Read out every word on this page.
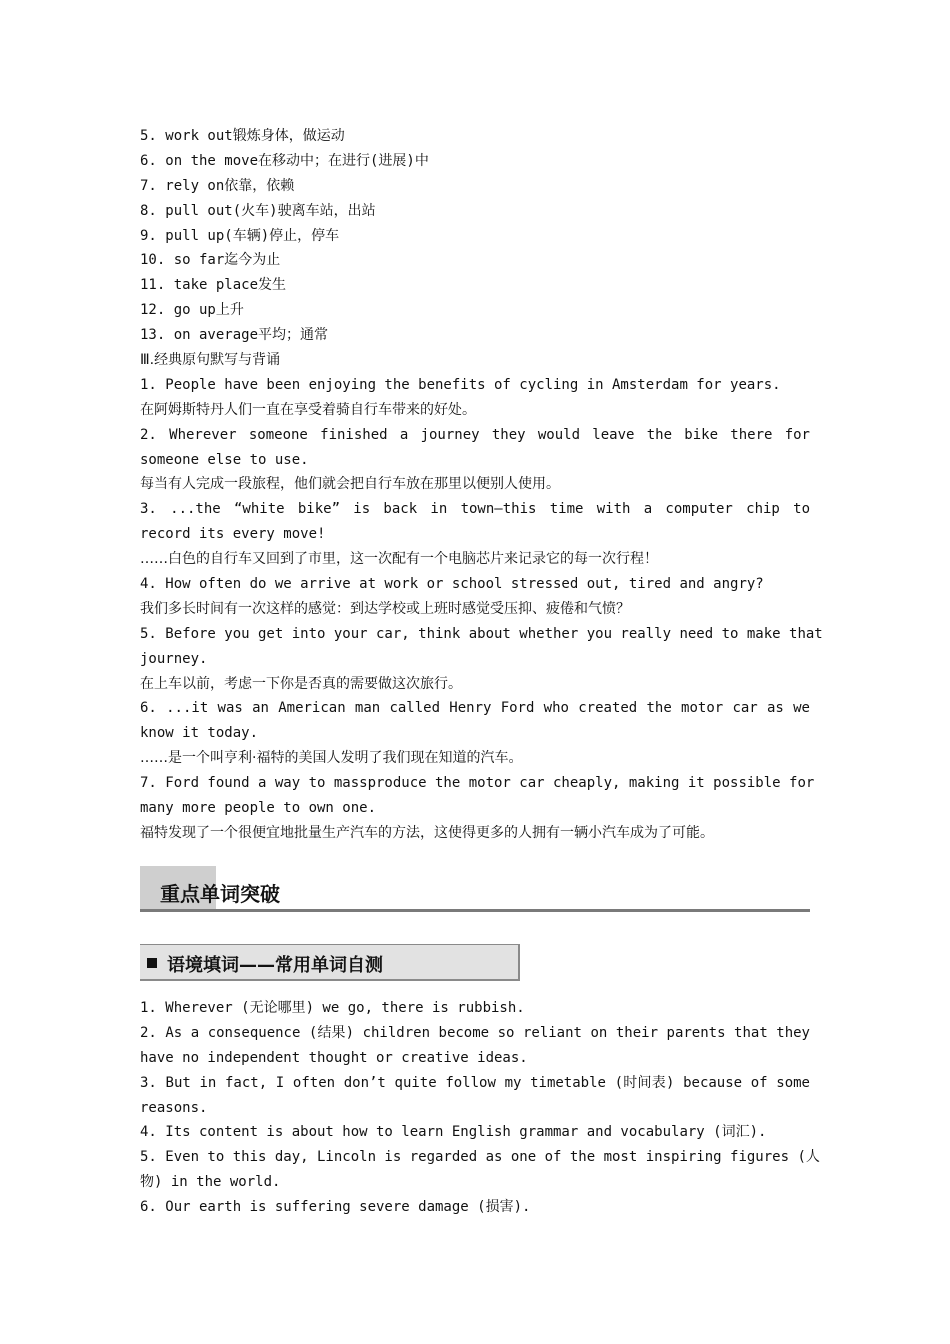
5. work out锻炼身体，做运动
6. on the move在移动中；在进行(进展)中
7. rely on依靠，依赖
8. pull out(火车)驶离车站，出站
9. pull up(车辆)停止，停车
10. so far迄今为止
11. take place发生
12. go up上升
13. on average平均；通常
Ⅲ.经典原句默写与背诵
1. People have been enjoying the benefits of cycling in Amsterdam for years.
在阿姆斯特丹人们一直在享受着骑自行车带来的好处。
2. Wherever someone finished a journey they would leave the bike there for
someone else to use.
每当有人完成一段旅程，他们就会把自行车放在那里以便别人使用。
3. ...the “white bike” is back in town—this time with a computer chip to
record its every move!
……白色的自行车又回到了市里，这一次配有一个电脑芯片来记录它的每一次行程！
4. How often do we arrive at work or school stressed out, tired and angry?
我们多长时间有一次这样的感觉：到达学校或上班时感觉受压抑、疲倦和气愤？
5. Before you get into your car, think about whether you really need to make that
journey.
在上车以前，考虑一下你是否真的需要做这次旅行。
6. ...it was an American man called Henry Ford who created the motor car as we
know it today.
……是一个叫亨利·福特的美国人发明了我们现在知道的汽车。
7. Ford found a way to massproduce the motor car cheaply, making it possible for
many more people to own one.
福特发现了一个很便宜地批量生产汽车的方法，这使得更多的人拥有一辆小汽车成为了可能。
重点单词突破
语境填词——常用单词自测
1. Wherever (无论哪里) we go, there is rubbish.
2. As a consequence (结果) children become so reliant on their parents that they
have no independent thought or creative ideas.
3. But in fact, I often don’t quite follow my timetable (时间表) because of some
reasons.
4. Its content is about how to learn English grammar and vocabulary (词汇).
5. Even to this day, Lincoln is regarded as one of the most inspiring figures (人
物) in the world.
6. Our earth is suffering severe damage (损害).
